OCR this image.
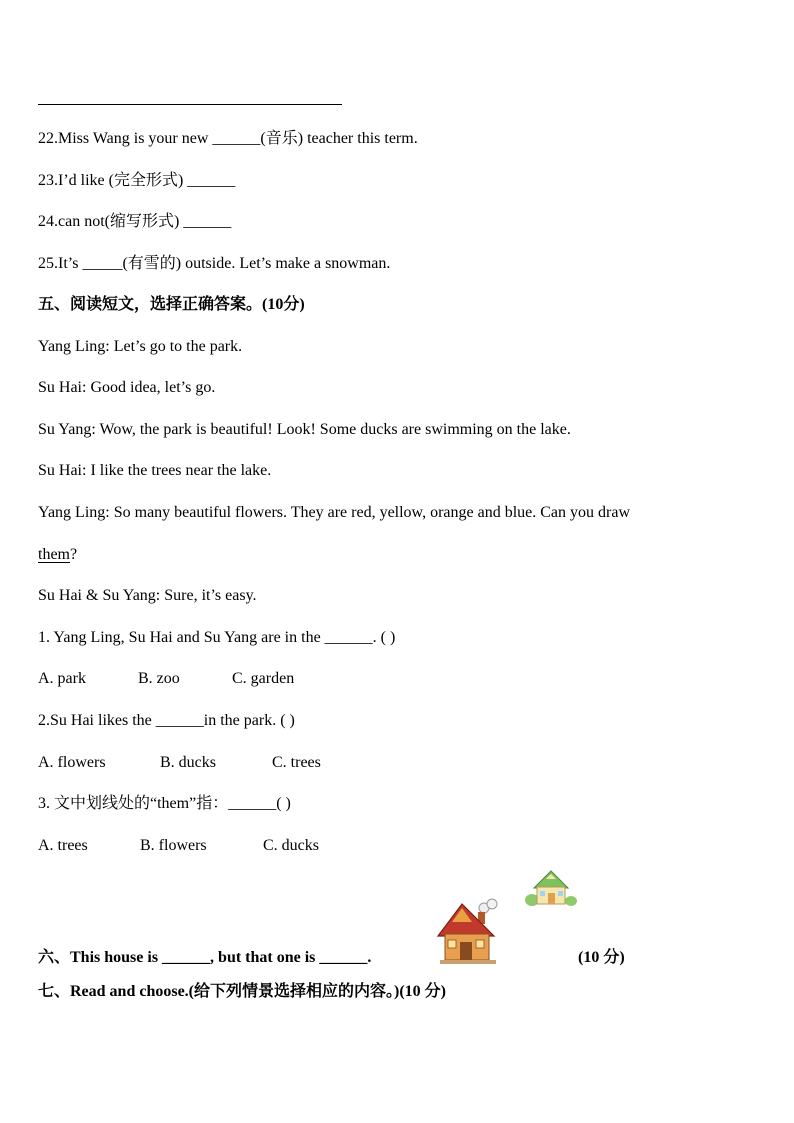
22.Miss Wang is your new ______(音乐) teacher this term.
23.I’d like (完全形式) ______
24.can not(缩写形式) ______
25.It’s _____(有雪的) outside. Let’s make a snowman.
五、阅读短文，选择正确答案。(10分)
Yang Ling: Let’s go to the park.
Su Hai: Good idea, let’s go.
Su Yang: Wow, the park is beautiful! Look! Some ducks are swimming on the lake.
Su Hai: I like the trees near the lake.
Yang Ling: So many beautiful flowers. They are red, yellow, orange and blue. Can you draw
them?
Su Hai & Su Yang: Sure, it’s easy.
1. Yang Ling, Su Hai and Su Yang are in the ______. ( )
A. park	B. zoo	C. garden
2.Su Hai likes the ______in the park. ( )
A. flowers	B. ducks	C. trees
3. 文中划线处的“them”指：______( )
A. trees	B. flowers	C. ducks
六、This house is ______, but that one is ______.	(10 分)
七、Read and choose.(给下列情景选择相应的内容。)(10 分)
